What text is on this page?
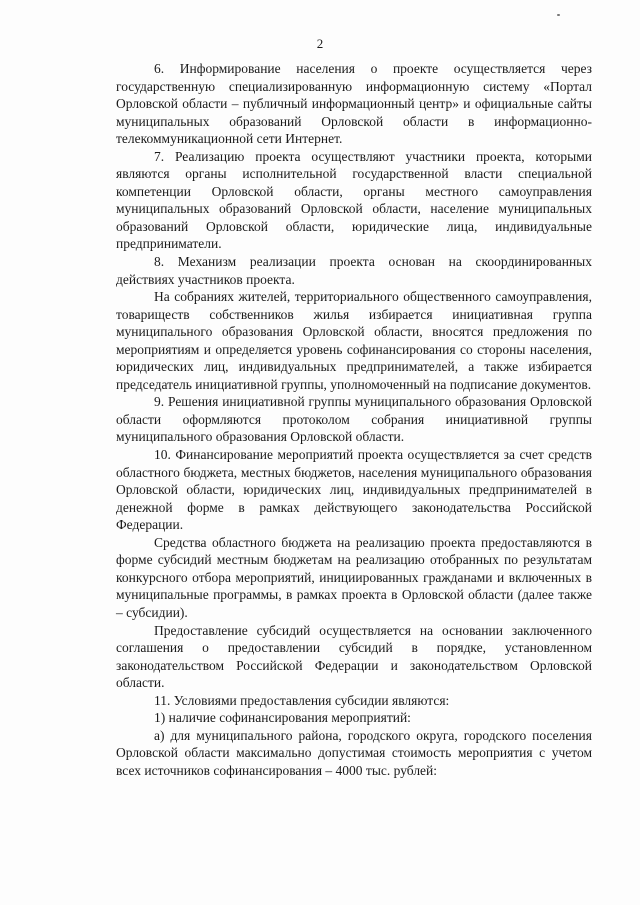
2

6. Информирование населения о проекте осуществляется через государственную специализированную информационную систему «Портал Орловской области – публичный информационный центр» и официальные сайты муниципальных образований Орловской области в информационно-телекоммуникационной сети Интернет.

7. Реализацию проекта осуществляют участники проекта, которыми являются органы исполнительной государственной власти специальной компетенции Орловской области, органы местного самоуправления муниципальных образований Орловской области, население муниципальных образований Орловской области, юридические лица, индивидуальные предприниматели.

8. Механизм реализации проекта основан на скоординированных действиях участников проекта.

На собраниях жителей, территориального общественного самоуправления, товариществ собственников жилья избирается инициативная группа муниципального образования Орловской области, вносятся предложения по мероприятиям и определяется уровень софинансирования со стороны населения, юридических лиц, индивидуальных предпринимателей, а также избирается председатель инициативной группы, уполномоченный на подписание документов.

9. Решения инициативной группы муниципального образования Орловской области оформляются протоколом собрания инициативной группы муниципального образования Орловской области.

10. Финансирование мероприятий проекта осуществляется за счет средств областного бюджета, местных бюджетов, населения муниципального образования Орловской области, юридических лиц, индивидуальных предпринимателей в денежной форме в рамках действующего законодательства Российской Федерации.

Средства областного бюджета на реализацию проекта предоставляются в форме субсидий местным бюджетам на реализацию отобранных по результатам конкурсного отбора мероприятий, инициированных гражданами и включенных в муниципальные программы, в рамках проекта в Орловской области (далее также – субсидии).

Предоставление субсидий осуществляется на основании заключенного соглашения о предоставлении субсидий в порядке, установленном законодательством Российской Федерации и законодательством Орловской области.

11. Условиями предоставления субсидии являются:

1) наличие софинансирования мероприятий:

а) для муниципального района, городского округа, городского поселения Орловской области максимально допустимая стоимость мероприятия с учетом всех источников софинансирования – 4000 тыс. рублей:
